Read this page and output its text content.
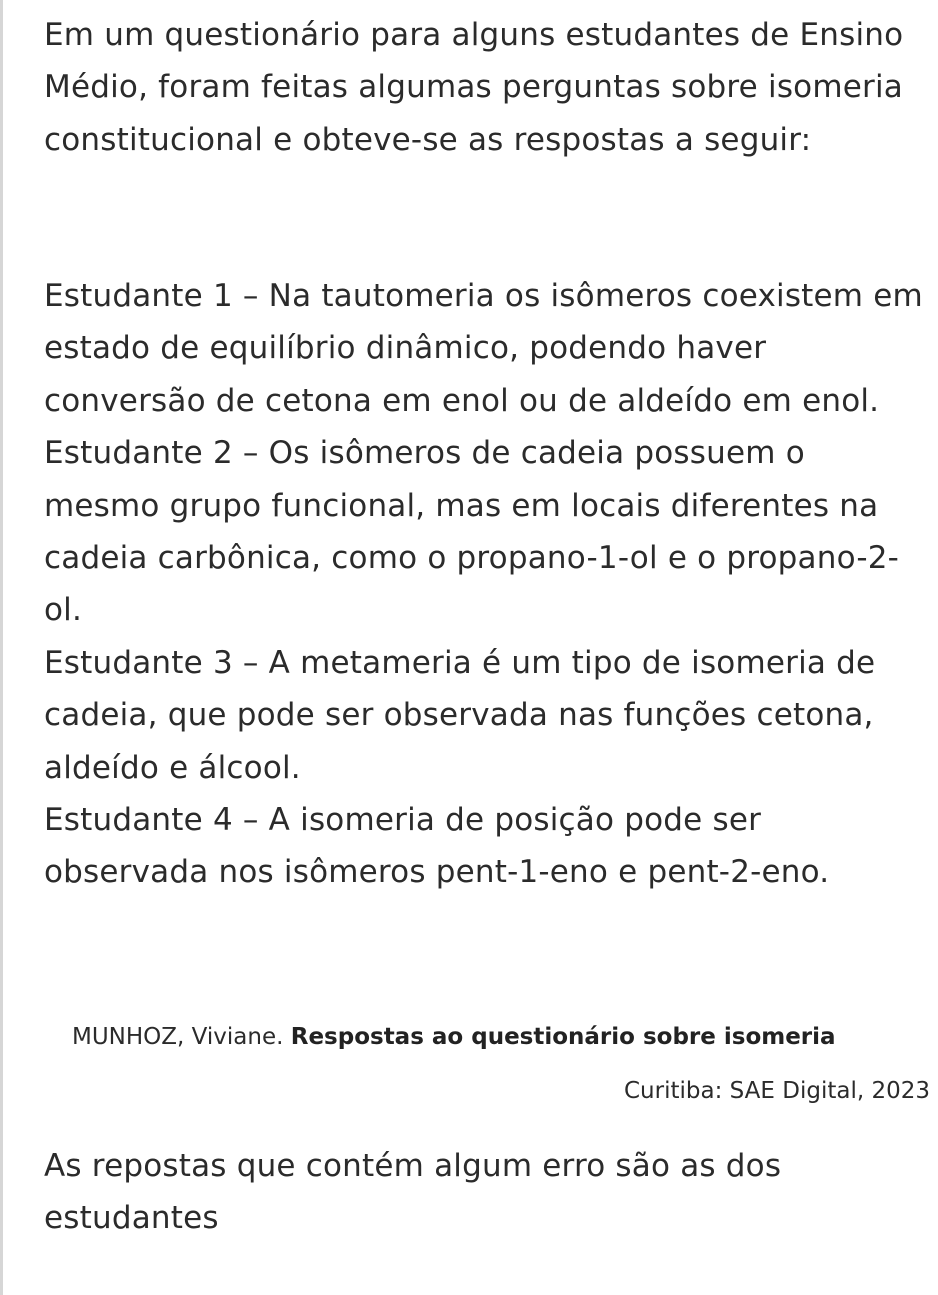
Em um questionário para alguns estudantes de Ensino Médio, foram feitas algumas perguntas sobre isomeria constitucional e obteve-se as respostas a seguir:

Estudante 1 – Na tautomeria os isômeros coexistem em estado de equilíbrio dinâmico, podendo haver conversão de cetona em enol ou de aldeído em enol.

Estudante 2 – Os isômeros de cadeia possuem o mesmo grupo funcional, mas em locais diferentes na cadeia carbônica, como o propano-1-ol e o propano-2-ol.

Estudante 3 – A metameria é um tipo de isomeria de cadeia, que pode ser observada nas funções cetona, aldeído e álcool.

Estudante 4 – A isomeria de posição pode ser observada nos isômeros pent-1-eno e pent-2-eno.

MUNHOZ, Viviane. Respostas ao questionário sobre isomeria
Curitiba: SAE Digital, 2023

As repostas que contém algum erro são as dos estudantes
